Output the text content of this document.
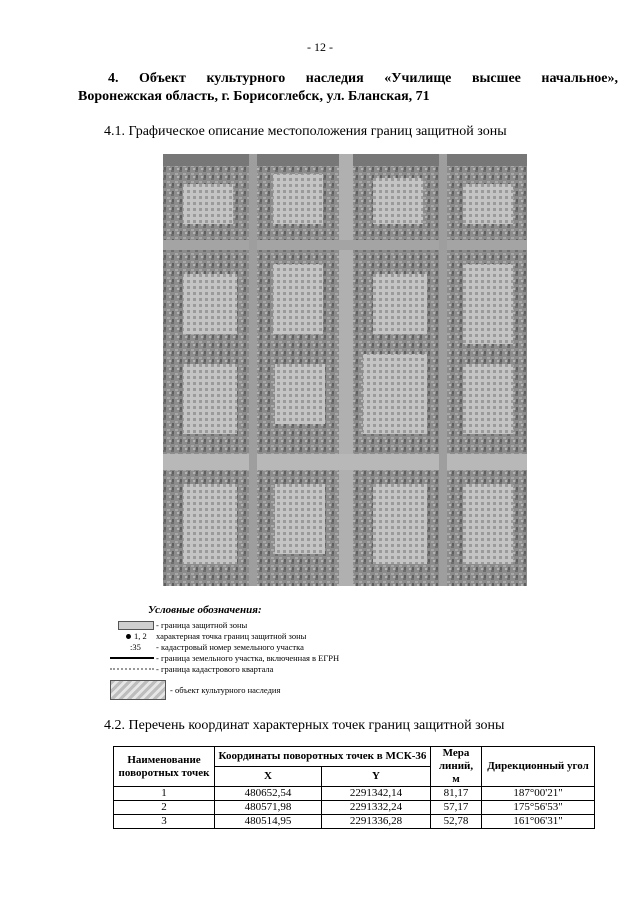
- 12 -
4. Объект культурного наследия «Училище высшее начальное»,
Воронежская область, г. Борисоглебск, ул. Бланская, 71
4.1. Графическое описание местоположения границ защитной зоны
Условные обозначения:
- граница защитной зоны
1, 2 характерная точка границ защитной зоны
:35 - кадастровый номер земельного участка
- граница земельного участка, включенная в ЕГРН
- граница кадастрового квартала
- объект культурного наследия
4.2. Перечень координат характерных точек границ защитной зоны
Наименование поворотных точек	Координаты поворотных точек в МСК-36		Мера линий, м	Дирекционный угол
	X	Y		
1	480652,54	2291342,14	81,17	187°00'21"
2	480571,98	2291332,24	57,17	175°56'53"
3	480514,95	2291336,28	52,78	161°06'31"
